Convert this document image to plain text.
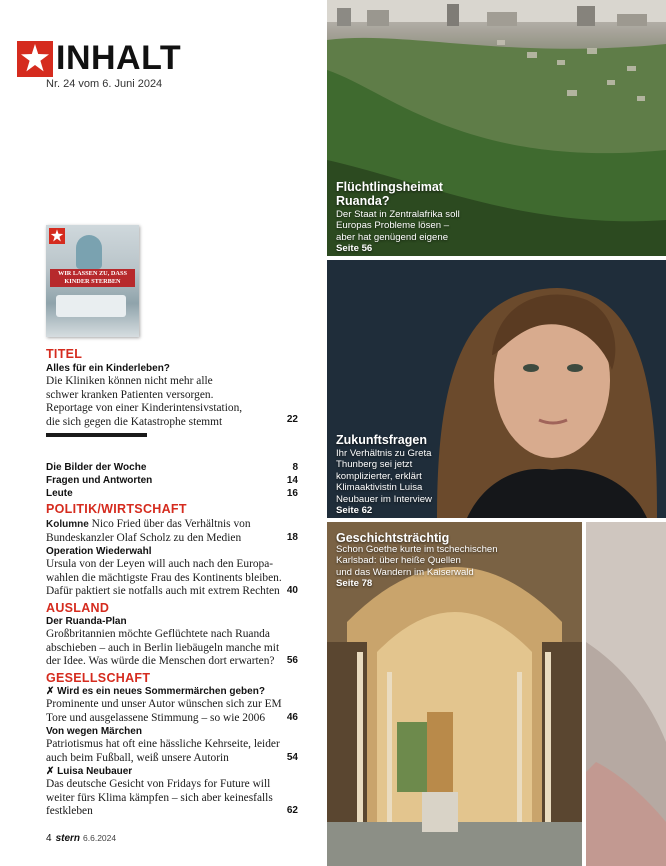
INHALT
Nr. 24 vom 6. Juni 2024
WIR LASSEN ZU, DASS
KINDER STERBEN
TITEL
Alles für ein Kinderleben?
Die Kliniken können nicht mehr alle
schwer kranken Patienten versorgen.
Reportage von einer Kinderintensivstation,
die sich gegen die Katastrophe stemmt	22
Die Bilder der Woche	8
Fragen und Antworten	14
Leute	16
POLITIK/WIRTSCHAFT
Kolumne Nico Fried über das Verhältnis von
Bundeskanzler Olaf Scholz zu den Medien	18
Operation Wiederwahl
Ursula von der Leyen will auch nach den Europa-
wahlen die mächtigste Frau des Kontinents bleiben.
Dafür paktiert sie notfalls auch mit extrem Rechten 40
AUSLAND
Der Ruanda-Plan
Großbritannien möchte Geflüchtete nach Ruanda
abschieben – auch in Berlin liebäugeln manche mit
der Idee. Was würde die Menschen dort erwarten?	56
GESELLSCHAFT
✗ Wird es ein neues Sommermärchen geben?
Prominente und unser Autor wünschen sich zur EM
Tore und ausgelassene Stimmung – so wie 2006	46
Von wegen Märchen
Patriotismus hat oft eine hässliche Kehrseite, leider
auch beim Fußball, weiß unsere Autorin	54
✗ Luisa Neubauer
Das deutsche Gesicht von Fridays for Future will
weiter fürs Klima kämpfen – sich aber keinesfalls
festkleben	62
4 stern 6.6.2024
Flüchtlingsheimat
Ruanda?
Der Staat in Zentralafrika soll
Europas Probleme lösen –
aber hat genügend eigene
Seite 56
Zukunftsfragen
Ihr Verhältnis zu Greta
Thunberg sei jetzt
komplizierter, erklärt
Klimaaktivistin Luisa
Neubauer im Interview
Seite 62
Geschichtsträchtig
Schon Goethe kurte im tschechischen
Karlsbad: über heiße Quellen
und das Wandern im Kaiserwald
Seite 78
